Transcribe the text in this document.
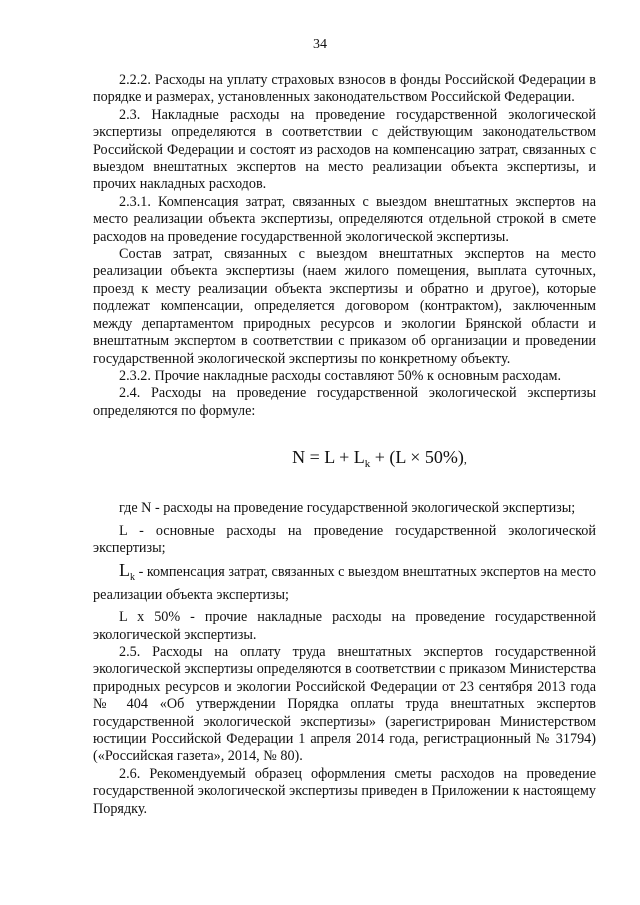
34

2.2.2. Расходы на уплату страховых взносов в фонды Российской Федерации в порядке и размерах, установленных законодательством Российской Федерации.

2.3. Накладные расходы на проведение государственной экологической экспертизы определяются в соответствии с действующим законодательством Российской Федерации и состоят из расходов на компенсацию затрат, связанных с выездом внештатных экспертов на место реализации объекта экспертизы, и прочих накладных расходов.

2.3.1. Компенсация затрат, связанных с выездом внештатных экспертов на место реализации объекта экспертизы, определяются отдельной строкой в смете расходов на проведение государственной экологической экспертизы.

Состав затрат, связанных с выездом внештатных экспертов на место реализации объекта экспертизы (наем жилого помещения, выплата суточных, проезд к месту реализации объекта экспертизы и обратно и другое), которые подлежат компенсации, определяется договором (контрактом), заключенным между департаментом природных ресурсов и экологии Брянской области и внештатным экспертом в соответствии с приказом об организации и проведении государственной экологической экспертизы по конкретному объекту.

2.3.2. Прочие накладные расходы составляют 50% к основным расходам.

2.4. Расходы на проведение государственной экологической экспертизы определяются по формуле:

$N = L + L_k + (L \times 50\%)$,

где N - расходы на проведение государственной экологической экспертизы;

L - основные расходы на проведение государственной экологической экспертизы;

$L_k$ - компенсация затрат, связанных с выездом внештатных экспертов на место реализации объекта экспертизы;

L x 50% - прочие накладные расходы на проведение государственной экологической экспертизы.

2.5. Расходы на оплату труда внештатных экспертов государственной экологической экспертизы определяются в соответствии с приказом Министерства природных ресурсов и экологии Российской Федерации от 23 сентября 2013 года № 404 «Об утверждении Порядка оплаты труда внештатных экспертов государственной экологической экспертизы» (зарегистрирован Министерством юстиции Российской Федерации 1 апреля 2014 года, регистрационный № 31794) («Российская газета», 2014, № 80).

2.6. Рекомендуемый образец оформления сметы расходов на проведение государственной экологической экспертизы приведен в Приложении к настоящему Порядку.
